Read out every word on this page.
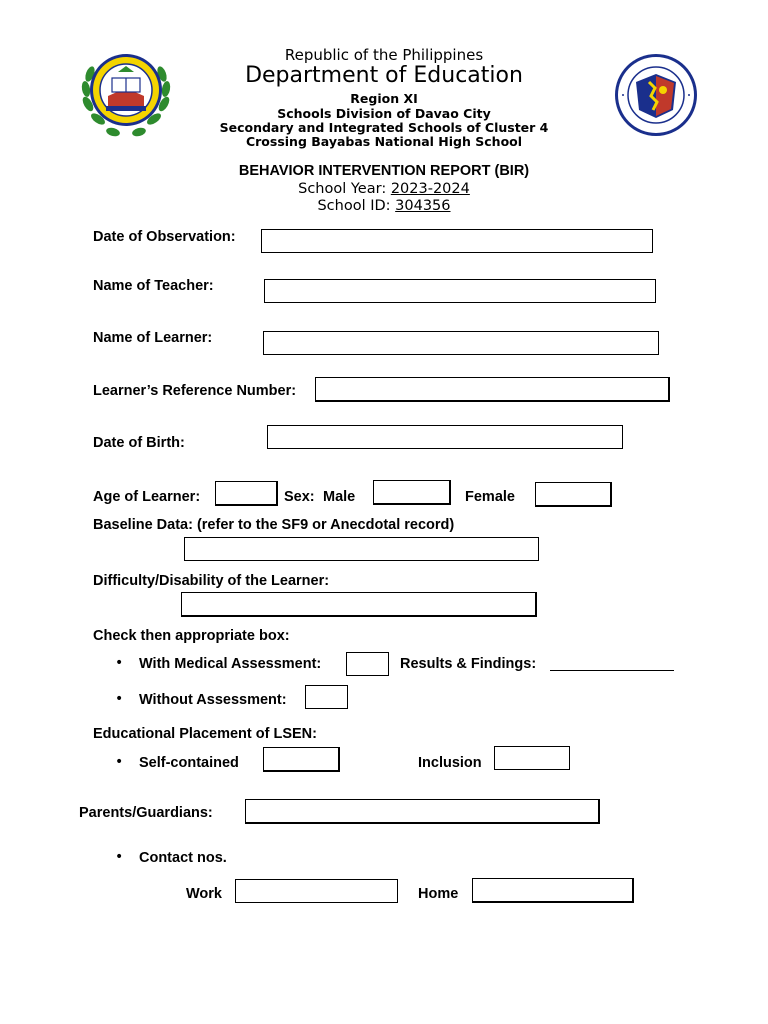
Republic of the Philippines
Department of Education
Region XI
Schools Division of Davao City
Secondary and Integrated Schools of Cluster 4
Crossing Bayabas National High School
BEHAVIOR INTERVENTION REPORT (BIR)
School Year: 2023-2024
School ID: 304356
Date of Observation:
Name of Teacher:
Name of Learner:
Learner’s Reference Number:
Date of Birth:
Age of Learner:	Sex: Male	Female
Baseline Data: (refer to the SF9 or Anecdotal record)
Difficulty/Disability of the Learner:
Check then appropriate box:
• With Medical Assessment:	Results & Findings:
• Without Assessment:
Educational Placement of LSEN:
• Self-contained	Inclusion
Parents/Guardians:
• Contact nos.
Work	Home
